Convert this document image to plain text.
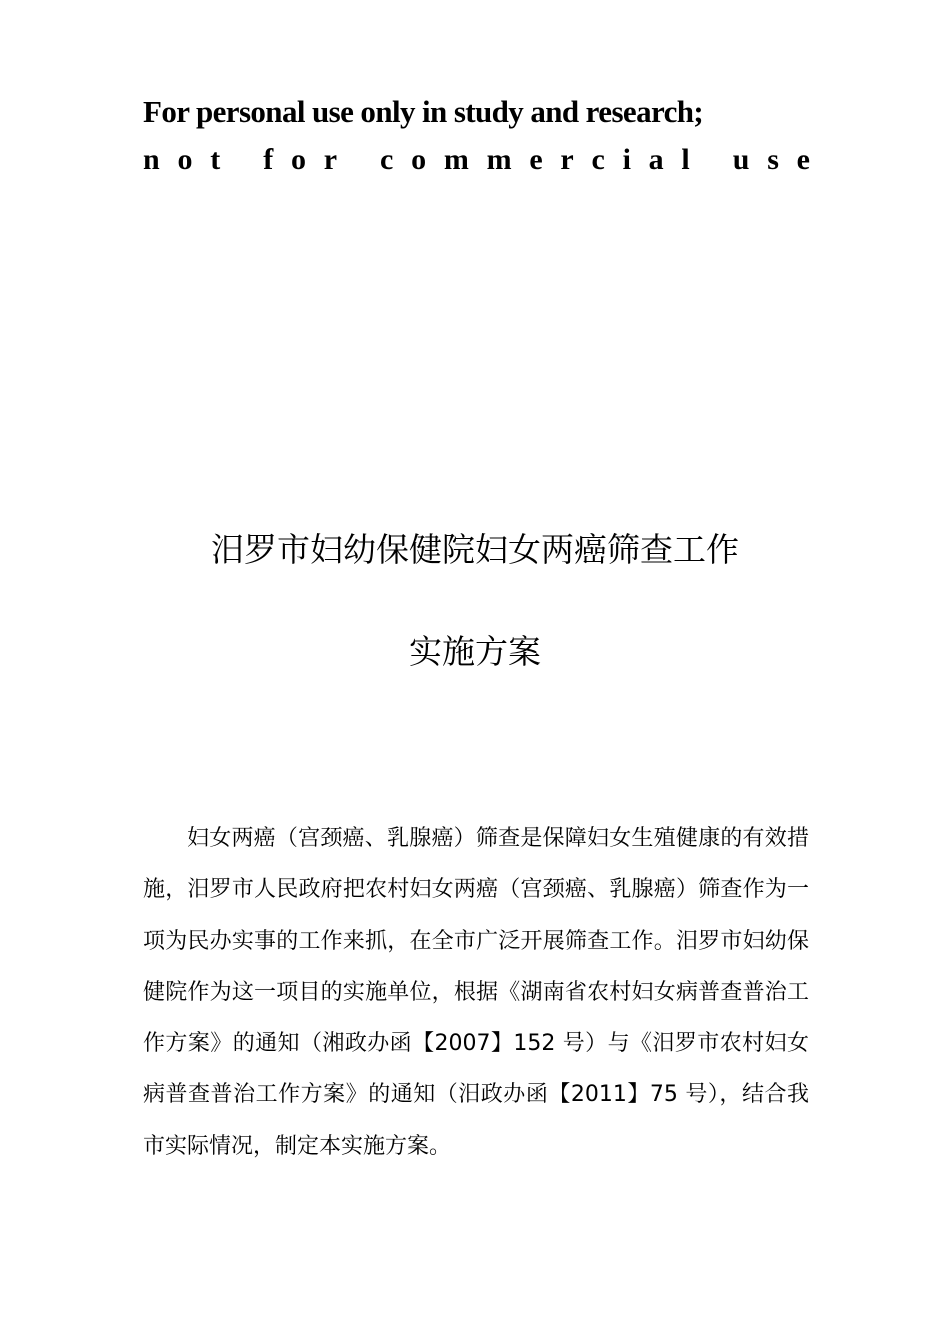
For personal use only in study and research;
n o t
f o r
c o m m e r c i a l
u s e
汨罗市妇幼保健院妇女两癌筛查工作
实施方案
妇女两癌（宫颈癌、乳腺癌）筛查是保障妇女生殖健康的有效措施，汨罗市人民政府把农村妇女两癌（宫颈癌、乳腺癌）筛查作为一项为民办实事的工作来抓，在全市广泛开展筛查工作。汨罗市妇幼保健院作为这一项目的实施单位，根据《湖南省农村妇女病普查普治工作方案》的通知（湘政办函【2007】152 号）与《汨罗市农村妇女病普查普治工作方案》的通知（汨政办函【2011】75 号），结合我市实际情况，制定本实施方案。
